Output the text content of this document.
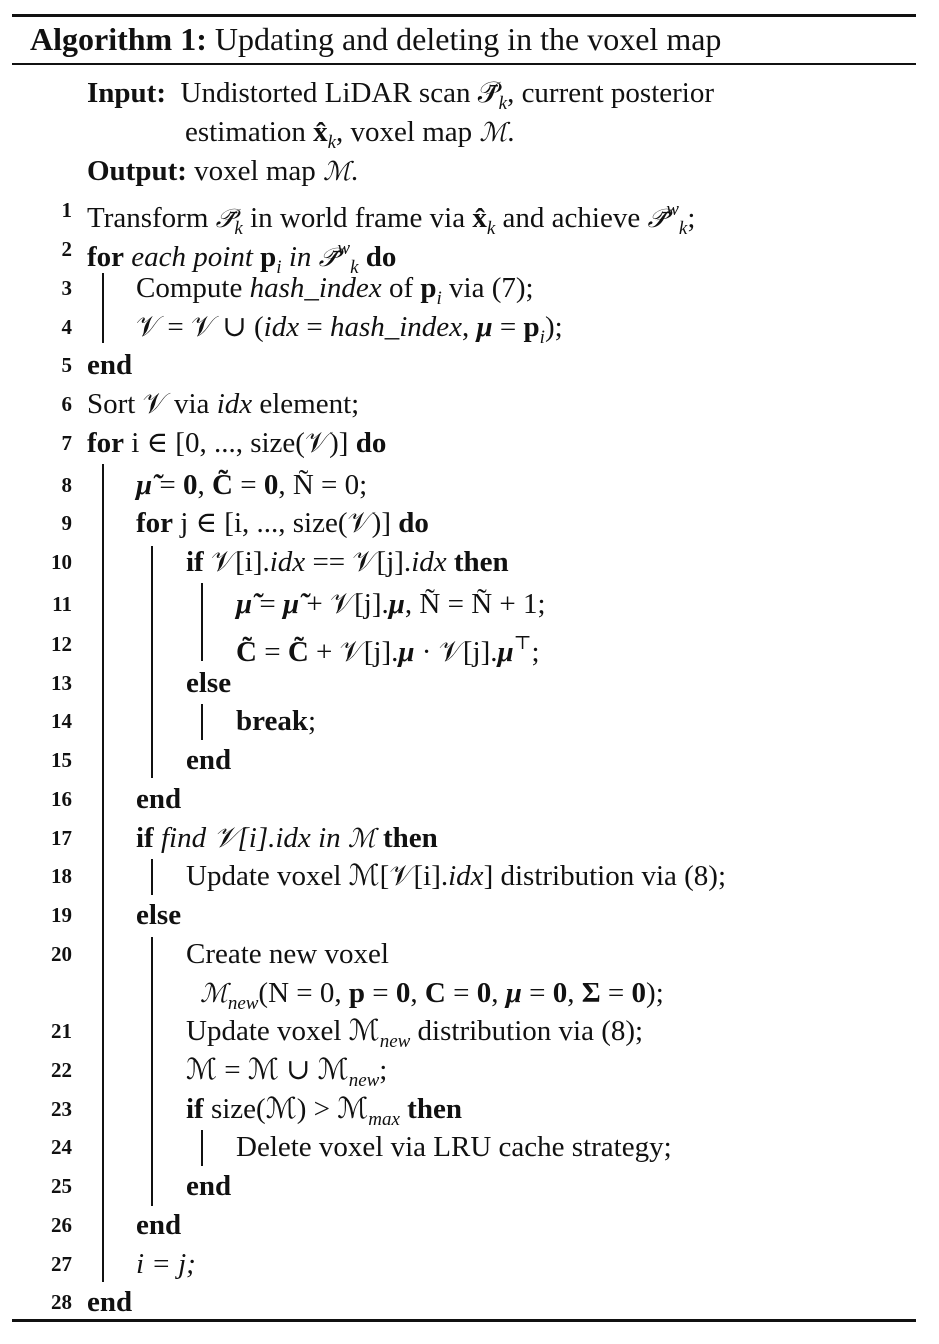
Algorithm 1: Updating and deleting in the voxel map
Input: Undistorted LiDAR scan $𝒫̄_k$, current posterior
estimation $x̂_k$, voxel map ℳ.
Output: voxel map ℳ.
1 Transform $𝒫̄_k$ in world frame via $x̂_k$ and achieve 𝒫̄$^w_k$;
2 for each point $p_i$ in 𝒫̄$^w_k$ do
3 Compute hash_index of $p_i$ via (7);
4 𝒱 = 𝒱 ∪ (idx = hash_index, $\mu = p_i$);
5 end
6 Sort 𝒱 via idx element;
7 for i ∈ [0, ..., size(𝒱)] do
8 μ̃ = 0, C̃ = 0, Ñ = 0;
9 for j ∈ [i, ..., size(𝒱)] do
10	if 𝒱[i].idx == 𝒱[j].idx then
11	μ̃ = μ̃ + 𝒱[j].μ, Ñ = Ñ + 1;
12	C̃ = C̃ + 𝒱[j].μ · 𝒱[j].μ⊤;
13	else
14	break;
15	end
16 end
17 if find 𝒱[i].idx in ℳ then
18	Update voxel ℳ[𝒱[i].idx] distribution via (8);
19 else
20	Create new voxel
ℳ$_{new}$(N = 0, p = 0, C = 0, μ = 0, Σ = 0);
21	Update voxel ℳ$_{new}$ distribution via (8);
22	ℳ = ℳ ∪ ℳ$_{new}$;
23	if size(ℳ) > ℳ$_{max}$ then
24	Delete voxel via LRU cache strategy;
25	end
26 end
27 i = j;
28 end
